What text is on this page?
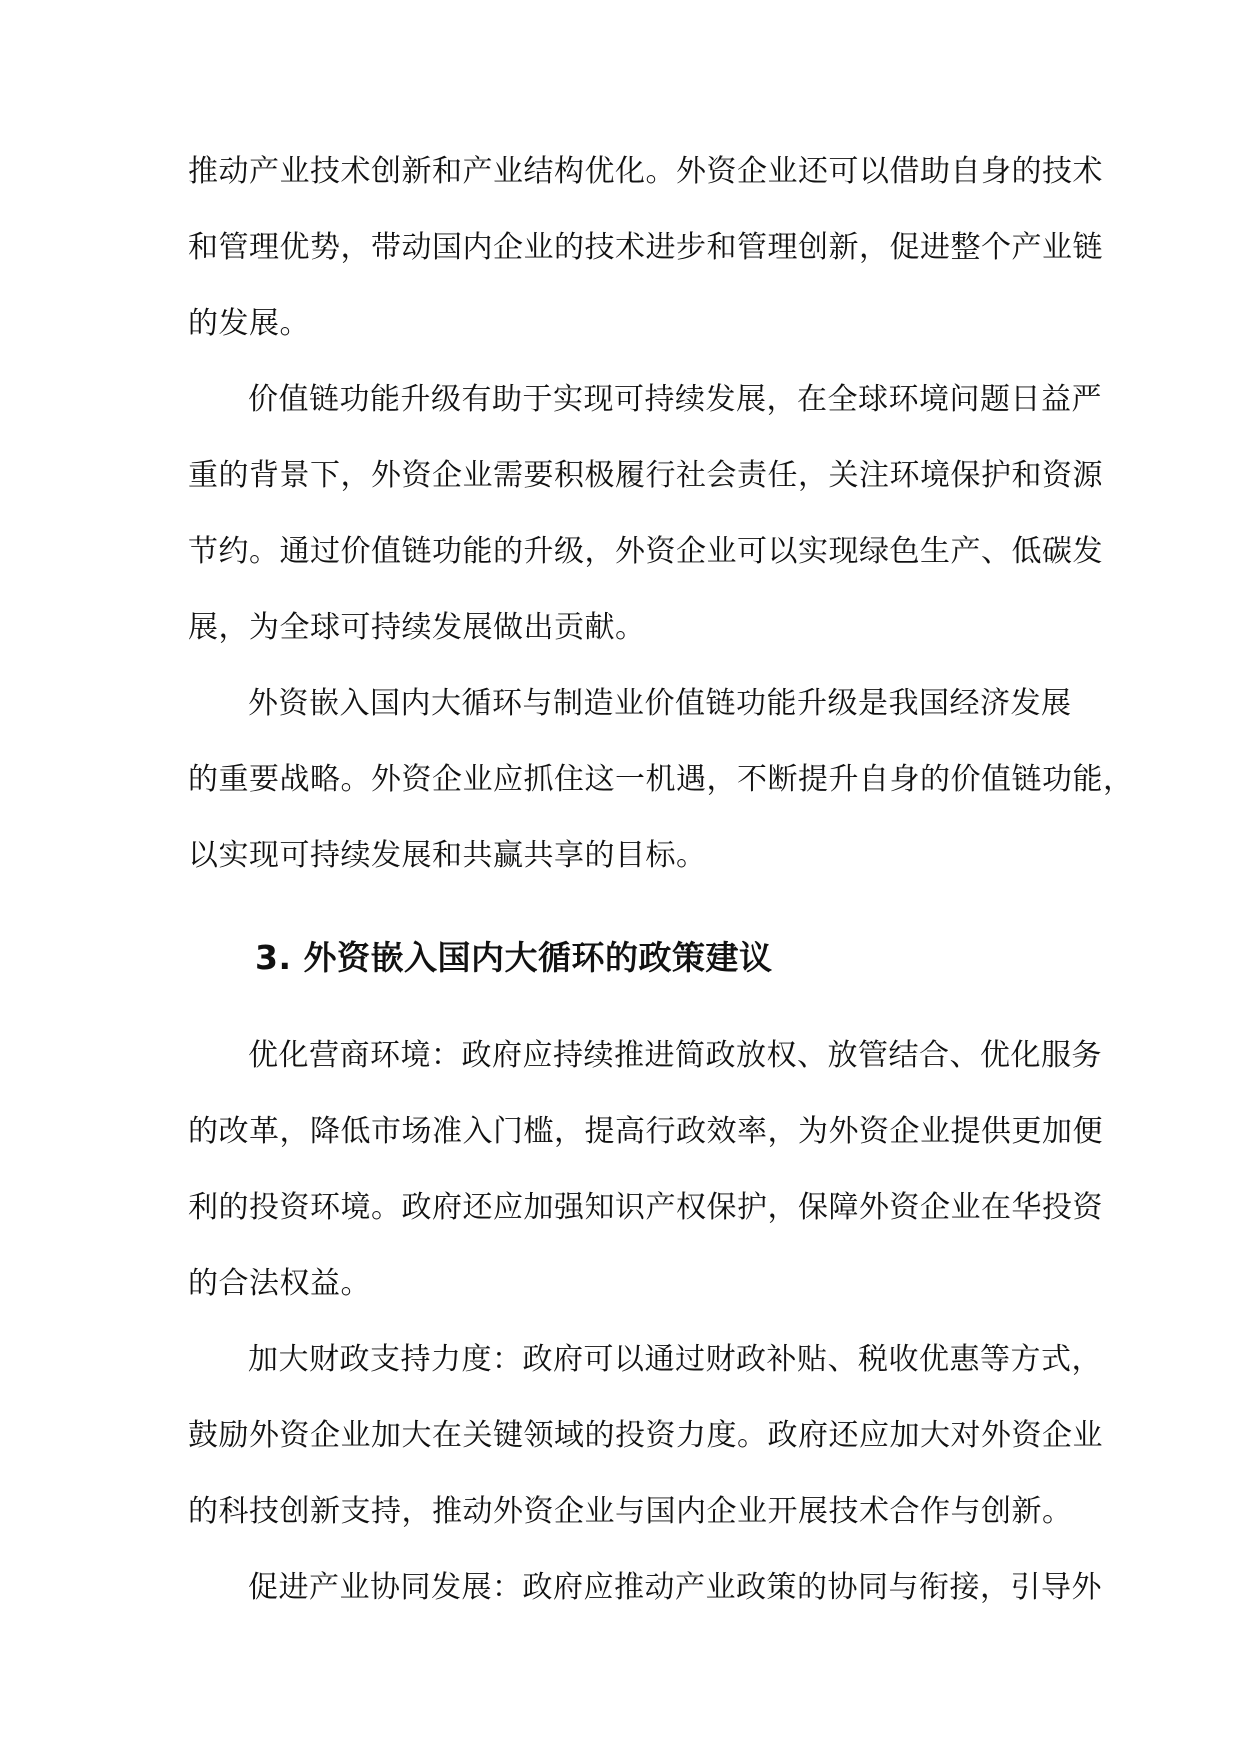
推动产业技术创新和产业结构优化。外资企业还可以借助自身的技术
和管理优势，带动国内企业的技术进步和管理创新，促进整个产业链
的发展。
价值链功能升级有助于实现可持续发展，在全球环境问题日益严
重的背景下，外资企业需要积极履行社会责任，关注环境保护和资源
节约。通过价值链功能的升级，外资企业可以实现绿色生产、低碳发
展，为全球可持续发展做出贡献。
外资嵌入国内大循环与制造业价值链功能升级是我国经济发展
的重要战略。外资企业应抓住这一机遇，不断提升自身的价值链功能，
以实现可持续发展和共赢共享的目标。
3. 外资嵌入国内大循环的政策建议
优化营商环境：政府应持续推进简政放权、放管结合、优化服务
的改革，降低市场准入门槛，提高行政效率，为外资企业提供更加便
利的投资环境。政府还应加强知识产权保护，保障外资企业在华投资
的合法权益。
加大财政支持力度：政府可以通过财政补贴、税收优惠等方式，
鼓励外资企业加大在关键领域的投资力度。政府还应加大对外资企业
的科技创新支持，推动外资企业与国内企业开展技术合作与创新。
促进产业协同发展：政府应推动产业政策的协同与衔接，引导外
